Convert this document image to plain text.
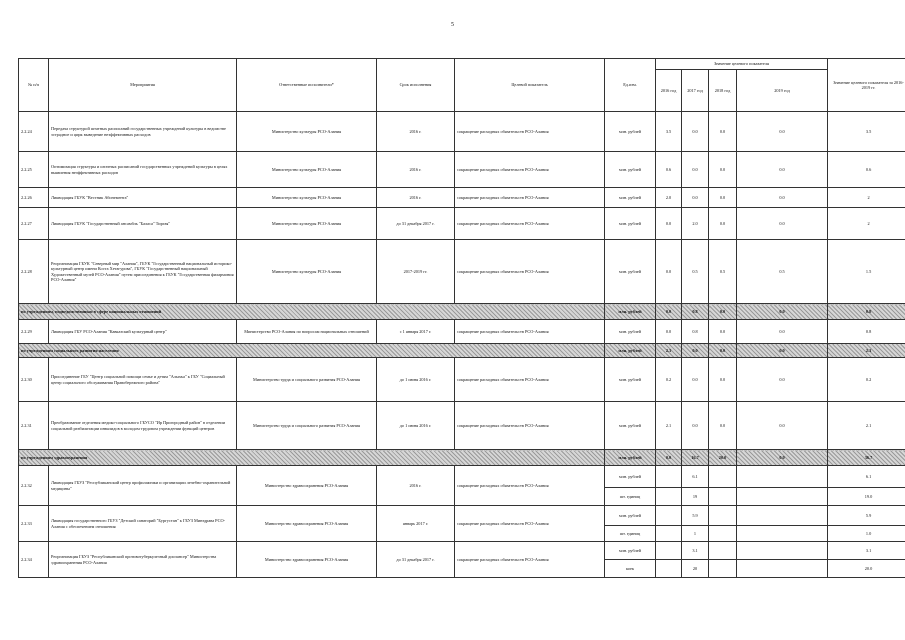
5
№ п/п	Мероприятия	Ответственные исполнители*	Срок исполнения	Целевой показатель	Ед.изм.	Значение целевого показателя				Значение целевого показателя за 2016-2019 гг.
						2016 год	2017 год	2018 год	2019 год	
2.2.24	Передача структурой штатных расписаний государственных учреждений культуры в ведомстве эстрадное и цирк выведение неэффективных расходов	Министерство культуры РСО-Алания	2016 г.	сокращение расходных обязательств РСО-Алания	млн. рублей	3.5	0.0	0.0	0.0	3.5
2.2.25	Оптимизация структуры и штатных расписаний государственных учреждений культуры в целях выявления неэффективных расходов	Министерство культуры РСО-Алания	2016 г.	сокращение расходных обязательств РСО-Алания	млн. рублей	0.6	0.0	0.0	0.0	0.6
2.2.26	Ликвидация ГБУК "Вестник Абонемента"	Министерство культуры РСО-Алания	2016 г.	сокращение расходных обязательств РСО-Алания	млн. рублей	2.0	0.0	0.0	0.0	2
2.2.27	Ликвидация ГБУК "Государственный ансамбль "Баласа" Тиргая"	Министерство культуры РСО-Алания	до 31 декабря 2017 г.	сокращение расходных обязательств РСО-Алания	млн. рублей	0.0	2.0	0.0	0.0	2
2.2.28	Реорганизация ГБУК "Северный мир "Алания", ГБУК "Государственный национальный историко-культурный центр имени Коста Хетагурова", ГБУК "Государственный национальный Художественный музей РСО-Алания" путем присоединения к ГБУК "Государственная филармония РСО-Алания"	Министерство культуры РСО-Алания	2017-2019 гг.	сокращение расходных обязательств РСО-Алания	млн. рублей	0.0	0.5	0.5	0.5	1.5
по учреждениям, подведомственным в сфере национальных отношений					млн. рублей	0.0	0.8	0.0	0.0	0.8
2.2.29	Ликвидация ГБУ РСО-Алания "Кавказский культурный центр"	Министерство РСО-Алания по вопросам национальных отношений	с 1 января 2017 г.	сокращение расходных обязательств РСО-Алания	млн. рублей	0.0	0.8	0.0	0.0	0.8
по учреждениям социального развития населения					млн. рублей	2.3	0.0	0.0	0.0	2.3
2.2.30	Присоединение ГБУ "Центр социальной помощи семье и детям "Алыхъа" к ГБУ "Социальный центр социального обслуживания Правобережного района"	Министерство труда и социального развития РСО-Алания	до 1 июня 2016 г.	сокращение расходных обязательств РСО-Алания	млн. рублей	0.2	0.0	0.0	0.0	0.2
2.2.31	Преобразование отделения медико-социального ГБУСО "Ир Пригородный район" в отделении социальной реабилитации инвалидов в молодом трудовом учреждении функций центров	Министерство труда и социального развития РСО-Алания	до 1 июня 2016 г.	сокращение расходных обязательств РСО-Алания	млн. рублей	2.1	0.0	0.0	0.0	2.1
по учреждениям здравоохранения					млн. рублей	0.0	16.7	20.0	0.0	36.7
2.2.32	Ликвидация ГБУЗ "Республиканский центр профилактики и организации лечебно-охранительной медицины"	Министерство здравоохранения РСО-Алания	2016 г.	сокращение расходных обязательств РСО-Алания	млн. рублей		6.1			6.1
					шт. единиц		19			19.0
2.2.33	Ликвидация государственного ГБУЗ "Детский санаторий "Бургустан" к ГБУЗ Минздрава РСО-Алания с обеспечением отношения	Министерство здравоохранения РСО-Алания	январь 2017 г.	сокращение расходных обязательств РСО-Алания	млн. рублей		5.9			5.9
					шт. единиц		1			1.0
2.2.34	Реорганизация ГБУЗ "Республиканский противотуберкулезный диспансер" Министерства здравоохранения РСО-Алания	Министерство здравоохранения РСО-Алания	до 31 декабря 2017 г.	сокращение расходных обязательств РСО-Алания	млн. рублей		3.1			3.1
					коек		20			20.0
